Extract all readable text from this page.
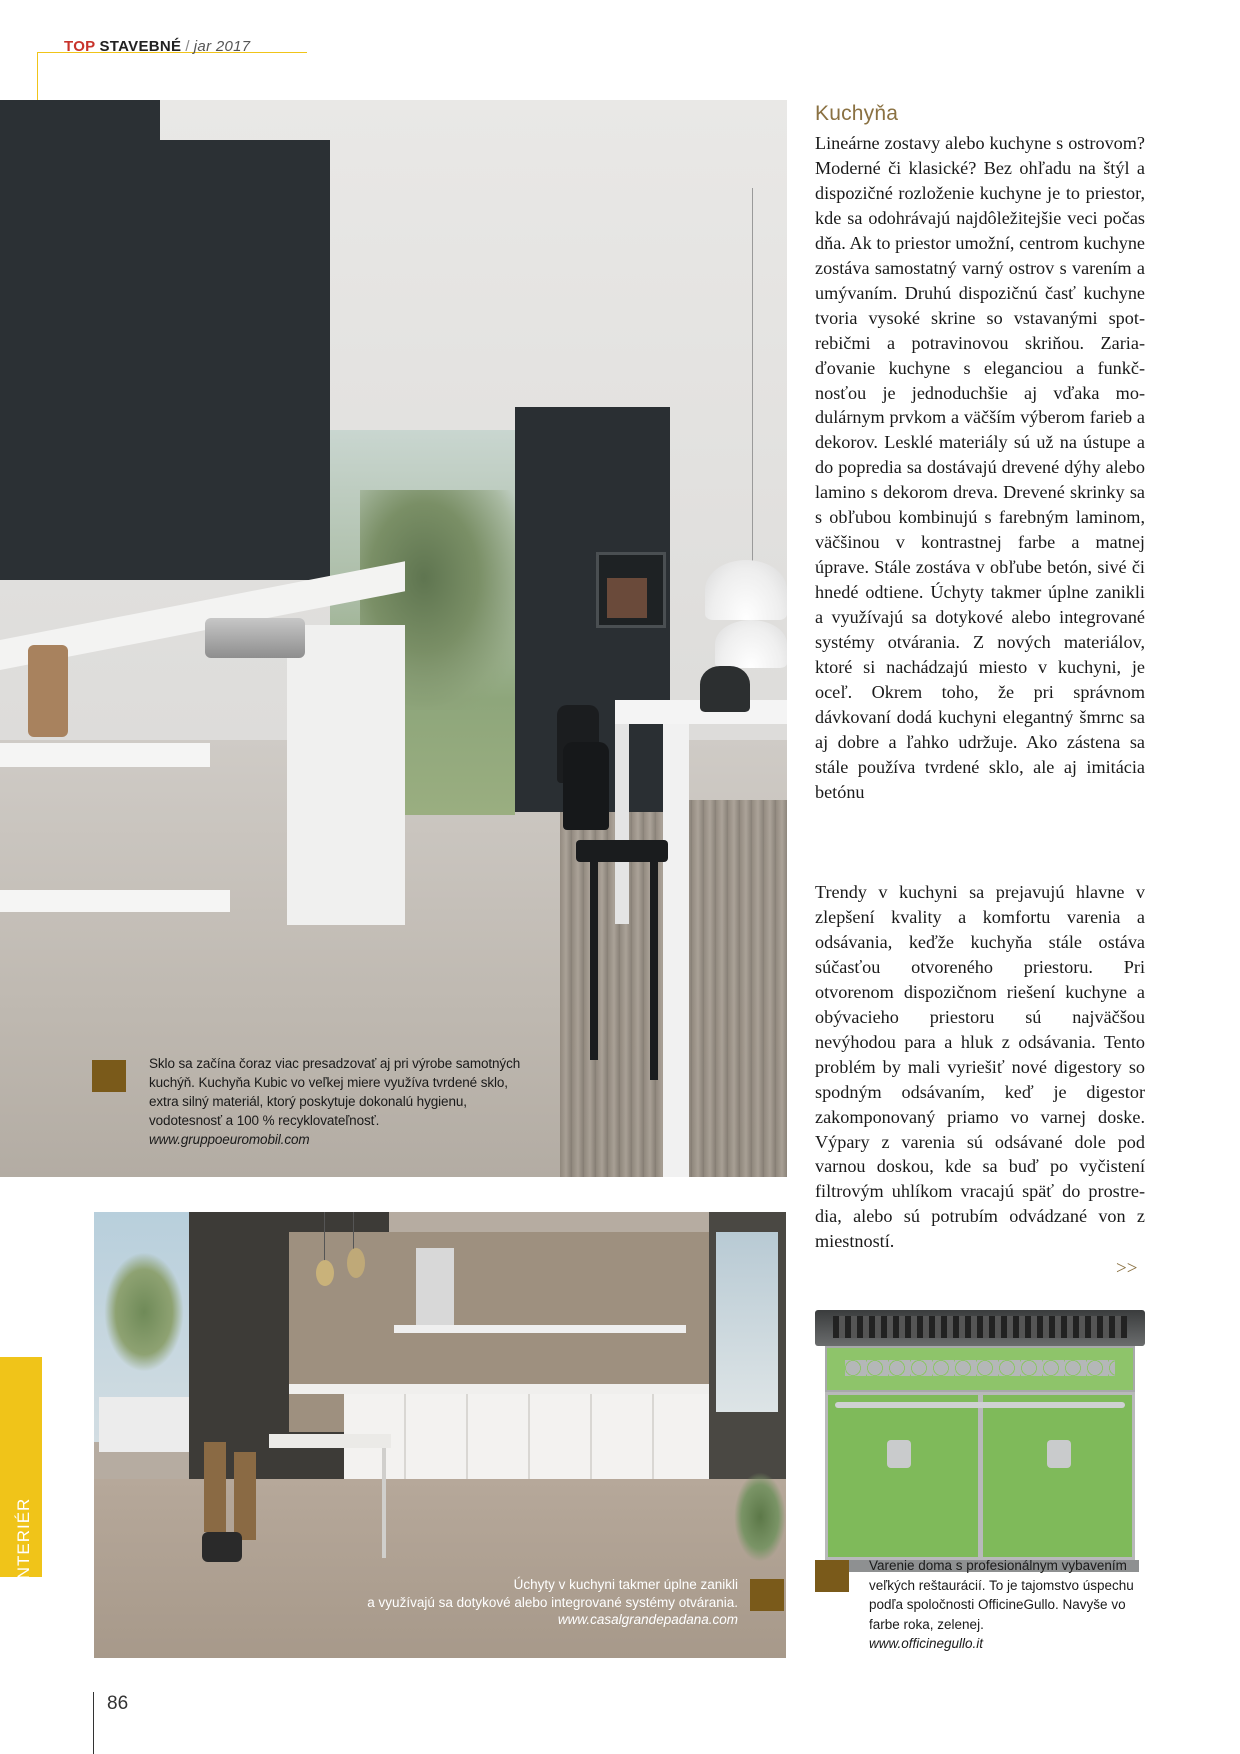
TOP STAVEBNÉ / jar 2017
Sklo sa začína čoraz viac presadzovať aj pri výrobe samotných kuchýň. Kuchyňa Kubic vo veľkej miere využíva tvrdené sklo, extra silný materiál, ktorý poskytuje dokonalú hygienu, vodotesnosť a 100 % recyklovateľnosť.
www.gruppoeuromobil.com
Úchyty v kuchyni takmer úplne zanikli
a využívajú sa dotykové alebo integrované systémy otvárania.
www.casalgrandepadana.com
Kuchyňa
Lineárne zostavy alebo kuchyne s ostrovom? Moderné či klasické? Bez ohľadu na štýl a dispozičné rozloženie kuchyne je to priestor, kde sa odohrávajú najdôležitejšie veci počas dňa. Ak to priestor umožní, centrom kuchyne zostáva samostatný varný ostrov s varením a umývaním. Druhú dispozičnú časť kuchyne tvoria vysoké skrine so vstavanými spotrebičmi a potravinovou skriňou. Zariaďovanie kuchyne s eleganciou a funkčnosťou je jednoduchšie aj vďaka modulárnym prvkom a väčším výberom farieb a dekorov. Lesklé materiály sú už na ústupe a do popredia sa dostávajú drevené dýhy alebo lamino s dekorom dreva. Drevené skrinky sa s obľubou kombinujú s farebným laminom, väčšinou v kontrastnej farbe a matnej úprave. Stále zostáva v obľube betón, sivé či hnedé odtiene. Úchyty takmer úplne zanikli a využívajú sa dotykové alebo integrované systémy otvárania. Z nových materiálov, ktoré si nachádzajú miesto v kuchyni, je oceľ. Okrem toho, že pri správnom dávkovaní dodá kuchyni elegantný šmrnc sa aj dobre a ľahko udržuje. Ako zástena sa stále používa tvrdené sklo, ale aj imitácia betónu
Trendy v kuchyni sa prejavujú hlavne v zlepšení kvality a komfortu varenia a odsávania, keďže kuchyňa stále ostáva súčasťou otvoreného priestoru. Pri otvorenom dispozičnom riešení kuchyne a obývacieho priestoru sú najväčšou nevýhodou para a hluk z odsávania. Tento problém by mali vyriešiť nové digestory so spodným odsávaním, keď je digestor zakomponovaný priamo vo varnej doske. Výpary z varenia sú odsávané dole pod varnou doskou, kde sa buď po vyčistení filtrovým uhlíkom vracajú späť do prostredia, alebo sú potrubím odvádzané von z miestností.
>>
Varenie doma s profesionálnym vybavením veľkých reštaurácií. To je tajomstvo úspechu podľa spoločnosti OfficineGullo. Navyše vo farbe roka, zelenej.
www.officinegullo.it
INTERIÉR
86
